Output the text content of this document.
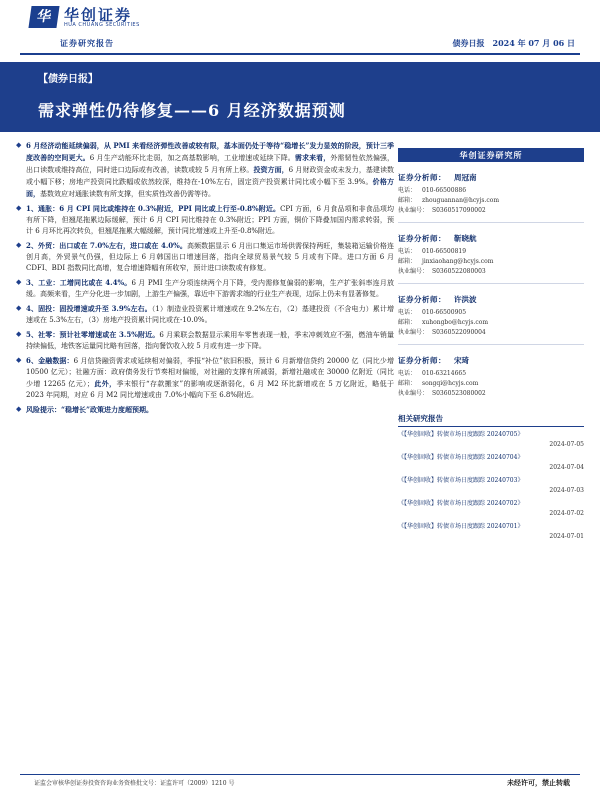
华 华创证券
HUA CHUANG SECURITIES
证券研究报告	债券日报　2024 年 07 月 06 日
【债券日报】
需求弹性仍待修复——6 月经济数据预测
◆ 6 月经济动能延续偏弱，从 PMI 来看经济弹性改善或较有限，基本面仍处于等待“稳增长”发力显效的阶段，预计三季度改善的空间更大。6 月生产动能环比走弱，加之高基数影响，工业增速或延续下降。需求来看，外需韧性依然偏强，出口读数或维持高位，同时进口边际或有改善，读数或较 5 月有所上移。投资方面，6 月财政资金或未发力，基建读数或小幅下移；房地产投资同比跌幅或依然较深，维持在-10%左右，固定资产投资累计同比或小幅下至 3.9%。价格方面，基数效应对通胀读数有所支撑，但实质性改善仍需等待。
◆ 1、通胀：6 月 CPI 同比或维持在 0.3%附近，PPI 同比或上行至-0.8%附近。CPI 方面，6 月食品项和非食品项均有所下降，但翘尾拖累边际缓解，预计 6 月 CPI 同比维持在 0.3%附近；PPI 方面，铜价下降叠加国内需求转弱，预计 6 月环比再次转负，但翘尾拖累大幅缓解，预计同比增速或上升至-0.8%附近。
◆ 2、外贸：出口或在 7.0%左右，进口或在 4.0%。高频数据显示 6 月出口集运市场供需保持两旺，集装箱运输价格连创月高，外贸景气仍强，但边际上 6 月韩国出口增速回落，指向全球贸易景气较 5 月或有下降。进口方面 6 月 CDFI、BDI 指数同比高增，复合增速降幅有所收窄，预计进口读数或有修复。
◆ 3、工业：工增同比或在 4.4%。6 月 PMI 生产分项连续两个月下降，受内需修复偏弱的影响，生产扩张斜率连月放缓。高频来看，生产分化进一步加剧，上游生产偏强，靠近中下游需求端的行业生产表现，边际上仍未有显著修复。
◆ 4、固投：固投增速或升至 3.9%左右。（1）制造业投资累计增速或在 9.2%左右，（2）基建投资（不含电力）累计增速或在 5.3%左右，（3）房地产投资累计同比或在-10.0%。
◆ 5、社零：预计社零增速或在 3.5%附近。6 月乘联会数据显示乘用车零售表现一般，季末冲刺效应不强，燃油车销量持续偏低，地铁客运量同比略有回落，指向餐饮收入较 5 月或有进一步下降。
◆ 6、金融数据：6 月信贷融资需求或延续相对偏弱，季报“补位”依旧积极，预计 6 月新增信贷约 20000 亿（同比少增 10500 亿元）；社融方面：政府债务发行节奏相对偏缓，对社融的支撑有所减弱，新增社融或在 30000 亿附近（同比少增 12265 亿元）；此外，季末银行“存款搬家”的影响或逐渐弱化，6 月 M2 环比新增或在 5 万亿附近，略低于 2023 年同期，对应 6 月 M2 同比增速或由 7.0%小幅向下至 6.8%附近。
◆ 风险提示：“稳增长”政策进力度超预期。
华创证券研究所
证券分析师： 周冠南
电话： 010-66500886
邮箱： zhouguannan@hcyjs.com
执业编号： S0360517090002
证券分析师： 靳晓航
电话： 010-66500819
邮箱： jinxiaohang@hcyjs.com
执业编号： S0360522080003
证券分析师： 许洪波
电话： 010-66500905
邮箱： xuhongbo@hcyjs.com
执业编号： S0360522090004
证券分析师： 宋琦
电话： 010-63214665
邮箱： songqi@hcyjs.com
执业编号： S0360523080002
相关研究报告
《【华创固收】转债市场日度跟踪 20240705》
2024-07-05
《【华创固收】转债市场日度跟踪 20240704》
2024-07-04
《【华创固收】转债市场日度跟踪 20240703》
2024-07-03
《【华创固收】转债市场日度跟踪 20240702》
2024-07-02
《【华创固收】转债市场日度跟踪 20240701》
2024-07-01
证监会审核华创证券投资咨询业务资格批文号：证监许可（2009）1210 号	未经许可，禁止转载
